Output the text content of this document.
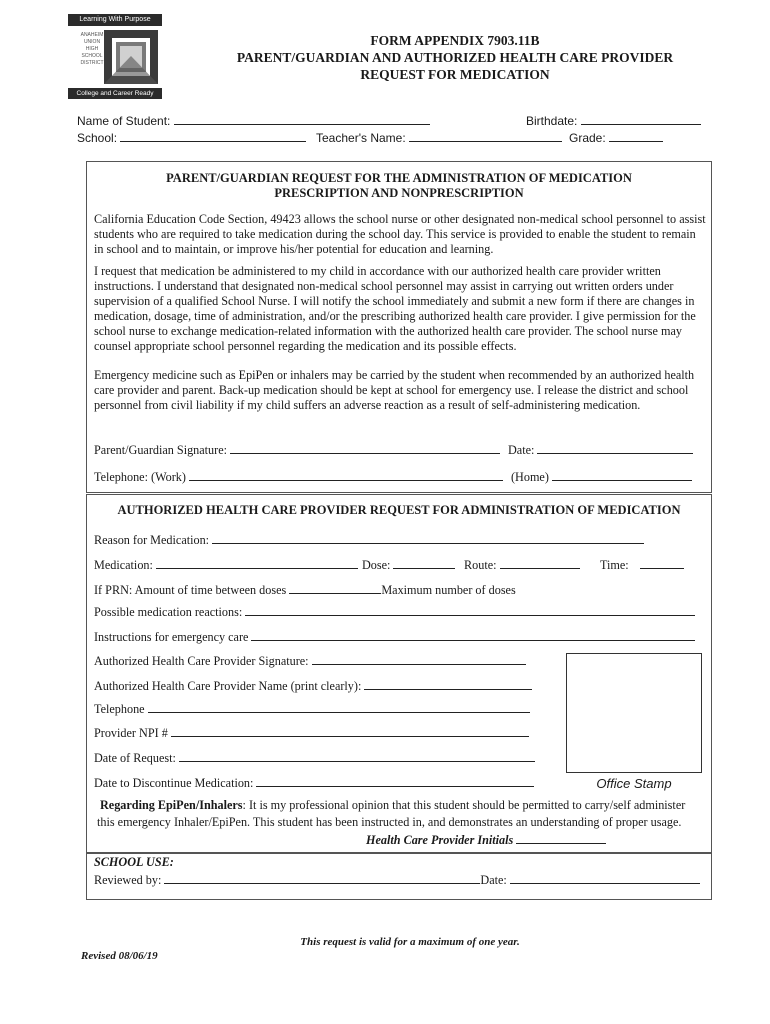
Learning With Purpose
ANAHEIM
UNION
HIGH
SCHOOL
DISTRICT
College and Career Ready
FORM APPENDIX 7903.11B
PARENT/GUARDIAN AND AUTHORIZED HEALTH CARE PROVIDER
REQUEST FOR MEDICATION
Name of Student:	Birthdate:
School:	Teacher's Name:	Grade:
PARENT/GUARDIAN REQUEST FOR THE ADMINISTRATION OF MEDICATION
PRESCRIPTION AND NONPRESCRIPTION
California Education Code Section, 49423 allows the school nurse or other designated non-medical school personnel to assist students who are required to take medication during the school day. This service is provided to enable the student to remain in school and to maintain, or improve his/her potential for education and learning.
I request that medication be administered to my child in accordance with our authorized health care provider written instructions. I understand that designated non-medical school personnel may assist in carrying out written orders under supervision of a qualified School Nurse. I will notify the school immediately and submit a new form if there are changes in medication, dosage, time of administration, and/or the prescribing authorized health care provider. I give permission for the school nurse to exchange medication-related information with the authorized health care provider. The school nurse may counsel appropriate school personnel regarding the medication and its possible effects.
Emergency medicine such as EpiPen or inhalers may be carried by the student when recommended by an authorized health care provider and parent. Back-up medication should be kept at school for emergency use. I release the district and school personnel from civil liability if my child suffers an adverse reaction as a result of self-administering medication.
Parent/Guardian Signature:	Date:
Telephone: (Work)	(Home)
AUTHORIZED HEALTH CARE PROVIDER REQUEST FOR ADMINISTRATION OF MEDICATION
Reason for Medication:
Medication:	Dose:	Route:	Time:
If PRN: Amount of time between doses	Maximum number of doses
Possible medication reactions:
Instructions for emergency care
Authorized Health Care Provider Signature:
Authorized Health Care Provider Name (print clearly):
Telephone
Provider NPI #
Date of Request:
Date to Discontinue Medication:	Office Stamp
Regarding EpiPen/Inhalers: It is my professional opinion that this student should be permitted to carry/self administer
this emergency Inhaler/EpiPen. This student has been instructed in, and demonstrates an understanding of proper usage.
Health Care Provider Initials
SCHOOL USE:
Reviewed by:	Date:
This request is valid for a maximum of one year.
Revised 08/06/19
